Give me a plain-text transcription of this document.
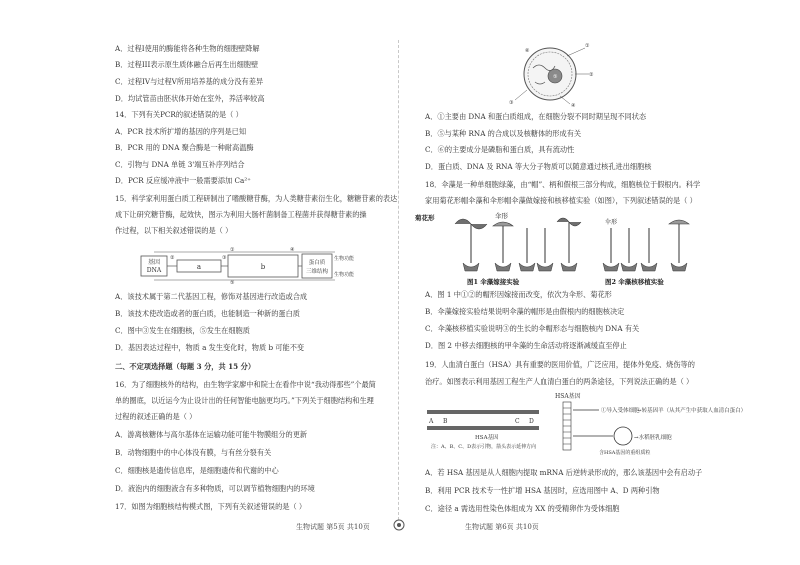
A．过程I使用的酶能将各种生物的细胞壁降解
B．过程III表示原生质体融合后再生出细胞壁
C．过程IV与过程V所用培养基的成分没有差异
D．均试管苗由胚状体开始在室外，养活率较高
14．下列有关PCR的叙述错误的是（ ）
A．PCR 技术所扩增的基因的序列是已知
B．PCR 用的 DNA 聚合酶是一种耐高温酶
C．引物与 DNA 单链 3'端互补序列结合
D．PCR 反应缓冲液中一般需要添加 Ca²⁺
15．科学家利用蛋白质工程研制出了嗜酸糖苷酶，为人类糖苷素衍生化，糖糖苷素的表达
成下让研究糖苷酶，起效快，图示为利用大肠杆菌制备工程菌并获得糖苷素的操
作过程，以下相关叙述错误的是（ ）
基因
DNA	a	b	蛋白质
三维结构
①
②	③
④
⑤
生物功能
生物功能
A．该技术属于第二代基因工程，修饰对基因进行改造或合成
B．该技术使改造或者的蛋白质，也能制造一种新的蛋白质
C．图中③发生在细胞核，⑤发生在细胞质
D．基因表达过程中，物质 a 发生变化时，物质 b 可能不变
二、不定项选择题（每题 3 分，共 15 分）
16．为了细胞核外的结构，由生物学家廖中和院士在看作中说“我动得那些”个最简
单的圈底，以近运今为止设计出的任何智能电脑更均巧。”下列关于细胞结构和生理
过程的叙述正确的是（ ）
A．游离核糖体与高尔基体在运输功能可能牛物膜组分的更新
B．动物细胞中的中心体没有膜，与有丝分裂有关
C．细胞核是遗传信息库，是细胞遗传和代谢的中心
D．液泡内的细胞液含有多种物质，可以调节植物细胞内的环境
17．如图为细胞核结构模式图，下列有关叙述错误的是（ ）
生物试题 第5页 共10页
①
②
③	④
⑤
⑥
A．①主要由 DNA 和蛋白质组成，在细胞分裂不同时期呈现不同状态
B．⑤与某种 RNA 的合成以及核糖体的形成有关
C．⑥的主要成分是磷脂和蛋白质，具有流动性
D．蛋白质、DNA 及 RNA 等大分子物质可以随意通过核孔进出细胞核
18．伞藻是一种单细胞绿藻，由“帽”、柄和假根三部分构成，细胞核位于假根内。科学
家用菊花形帽伞藻和伞形帽伞藻做嫁接和核移植实验（如图），下列叙述错误的是（ ）
菊花形	伞形
伞形
图1 伞藻嫁接实验	图2 伞藻核移植实验
A．图 1 中①②的帽形因嫁接而改变，依次为伞形、菊花形
B．伞藻嫁接实验结果说明伞藻的帽形是由假根内的细胞核决定
C．伞藻核移植实验说明③的生长的伞帽形态与细胞核内 DNA 有关
D．图 2 中移去细胞核的甲伞藻的生命活动将逐渐减缓直至停止
19．人血清白蛋白（HSA）具有重要的医用价值，广泛应用，提体外免疫、烧伤等的
治疗。如图表示利用基因工程生产人血清白蛋白的两条途径，下列说法正确的是（ ）
A B	C D
HSA基因
注：A、B、C、D表示引物，箭头表示延伸方向
HSA基因
①导入受体细胞
→转基因羊（从其产生中获取人血清白蛋白）
→水稻胚乳细胞
含HSA基因的重组质粒
A．若 HSA 基因是从人细胞内提取 mRNA 后逆转录形成的，那么该基因中会有启动子
B．利用 PCR 技术专一性扩增 HSA 基因时，应选用图中 A、D 两种引物
C．途径 a 需选用性染色体组成为 XX 的受精卵作为受体细胞
生物试题 第6页 共10页
